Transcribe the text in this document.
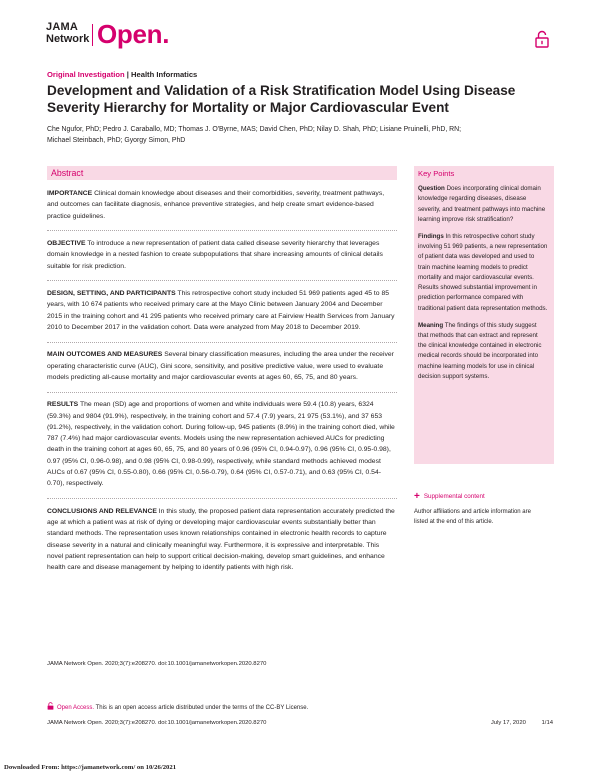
JAMA
Network Open.
Original Investigation | Health Informatics
Development and Validation of a Risk Stratification Model Using Disease Severity Hierarchy for Mortality or Major Cardiovascular Event
Che Ngufor, PhD; Pedro J. Caraballo, MD; Thomas J. O'Byrne, MAS; David Chen, PhD; Nilay D. Shah, PhD; Lisiane Pruinelli, PhD, RN;
Michael Steinbach, PhD; Gyorgy Simon, PhD
Abstract

IMPORTANCE Clinical domain knowledge about diseases and their comorbidities, severity, treatment pathways, and outcomes can facilitate diagnosis, enhance preventive strategies, and help create smart evidence-based practice guidelines.

OBJECTIVE To introduce a new representation of patient data called disease severity hierarchy that leverages domain knowledge in a nested fashion to create subpopulations that share increasing amounts of clinical details suitable for risk prediction.

DESIGN, SETTING, AND PARTICIPANTS This retrospective cohort study included 51 969 patients aged 45 to 85 years, with 10 674 patients who received primary care at the Mayo Clinic between January 2004 and December 2015 in the training cohort and 41 295 patients who received primary care at Fairview Health Services from January 2010 to December 2017 in the validation cohort. Data were analyzed from May 2018 to December 2019.

MAIN OUTCOMES AND MEASURES Several binary classification measures, including the area under the receiver operating characteristic curve (AUC), Gini score, sensitivity, and positive predictive value, were used to evaluate models predicting all-cause mortality and major cardiovascular events at ages 60, 65, 75, and 80 years.

RESULTS The mean (SD) age and proportions of women and white individuals were 59.4 (10.8) years, 6324 (59.3%) and 9804 (91.9%), respectively, in the training cohort and 57.4 (7.9) years, 21 975 (53.1%), and 37 653 (91.2%), respectively, in the validation cohort. During follow-up, 945 patients (8.9%) in the training cohort died, while 787 (7.4%) had major cardiovascular events. Models using the new representation achieved AUCs for predicting death in the training cohort at ages 60, 65, 75, and 80 years of 0.96 (95% CI, 0.94-0.97), 0.96 (95% CI, 0.95-0.98), 0.97 (95% CI, 0.96-0.98), and 0.98 (95% CI, 0.98-0.99), respectively, while standard methods achieved modest AUCs of 0.67 (95% CI, 0.55-0.80), 0.66 (95% CI, 0.56-0.79), 0.64 (95% CI, 0.57-0.71), and 0.63 (95% CI, 0.54-0.70), respectively.

CONCLUSIONS AND RELEVANCE In this study, the proposed patient data representation accurately predicted the age at which a patient was at risk of dying or developing major cardiovascular events substantially better than standard methods. The representation uses known relationships contained in electronic health records to capture disease severity in a natural and clinically meaningful way. Furthermore, it is expressive and interpretable. This novel patient representation can help to support critical decision-making, develop smart guidelines, and enhance health care and disease management by helping to identify patients with high risk.

JAMA Network Open. 2020;3(7):e208270. doi:10.1001/jamanetworkopen.2020.8270
Open Access. This is an open access article distributed under the terms of the CC-BY License.
JAMA Network Open. 2020;3(7):e208270. doi:10.1001/jamanetworkopen.2020.8270	July 17, 2020	1/14
Downloaded From: https://jamanetwork.com/ on 10/26/2021
Key Points

Question Does incorporating clinical domain knowledge regarding diseases, disease severity, and treatment pathways into machine learning improve risk stratification?

Findings In this retrospective cohort study involving 51 969 patients, a new representation of patient data was developed and used to train machine learning models to predict mortality and major cardiovascular events. Results showed substantial improvement in prediction performance compared with traditional patient data representation methods.

Meaning The findings of this study suggest that methods that can extract and represent the clinical knowledge contained in electronic medical records should be incorporated into machine learning models for use in clinical decision support systems.

+ Supplemental content
Author affiliations and article information are listed at the end of this article.
